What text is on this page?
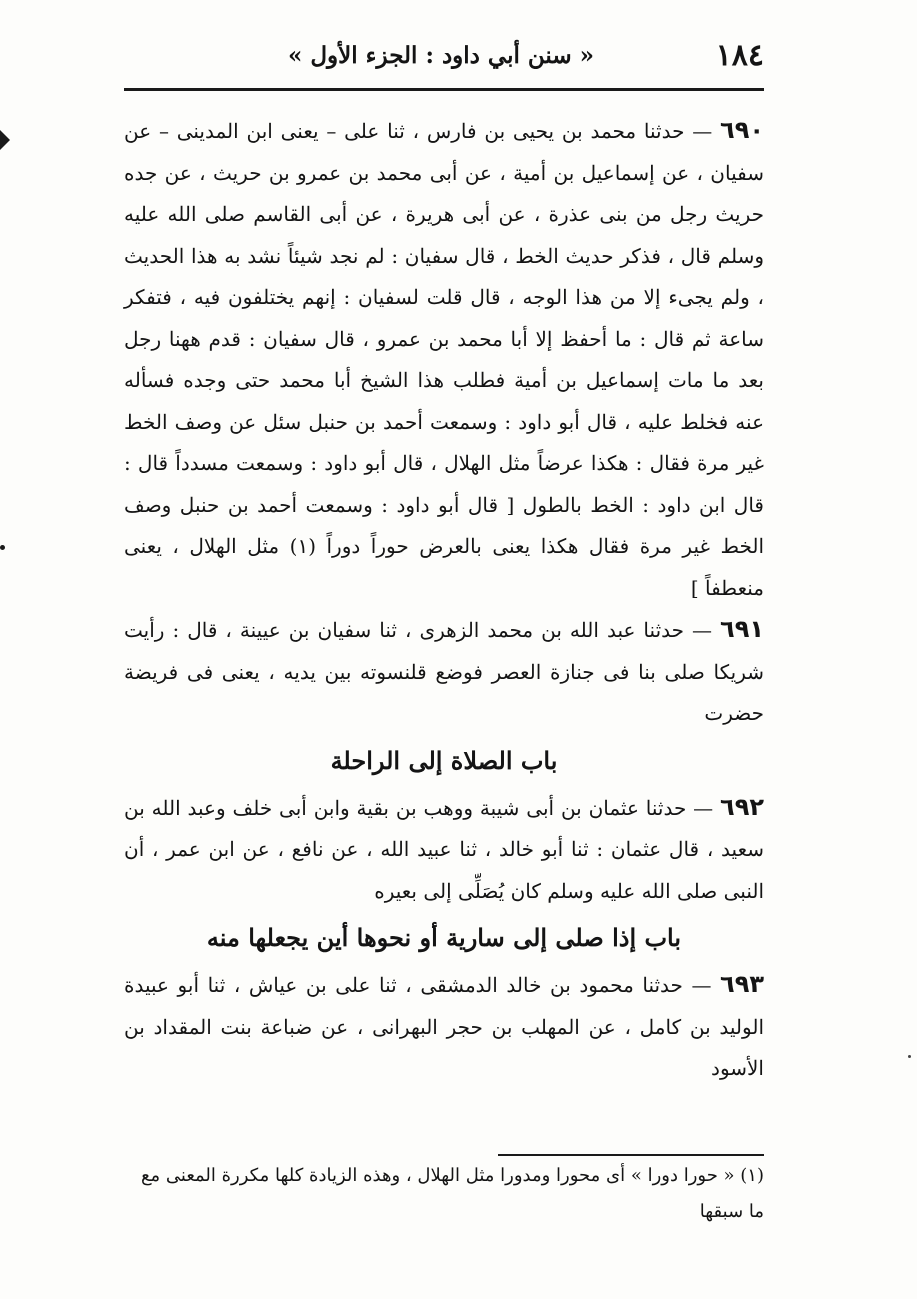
١٨٤
« سنن أبي داود : الجزء الأول »

٦٩٠ — حدثنا محمد بن يحيى بن فارس ، ثنا على – يعنى ابن المدينى – عن سفيان ، عن إسماعيل بن أمية ، عن أبى محمد بن عمرو بن حريث ، عن جده حريث رجل من بنى عذرة ، عن أبى هريرة ، عن أبى القاسم صلى الله عليه وسلم قال ، فذكر حديث الخط ، قال سفيان : لم نجد شيئاً نشد به هذا الحديث ، ولم يجىء إلا من هذا الوجه ، قال قلت لسفيان : إنهم يختلفون فيه ، فتفكر ساعة ثم قال : ما أحفظ إلا أبا محمد بن عمرو ، قال سفيان : قدم ههنا رجل بعد ما مات إسماعيل بن أمية فطلب هذا الشيخ أبا محمد حتى وجده فسأله عنه فخلط عليه ، قال أبو داود : وسمعت أحمد بن حنبل سئل عن وصف الخط غير مرة فقال : هكذا عرضاً مثل الهلال ، قال أبو داود : وسمعت مسدداً قال : قال ابن داود : الخط بالطول [ قال أبو داود : وسمعت أحمد بن حنبل وصف الخط غير مرة فقال هكذا يعنى بالعرض حوراً دوراً (١) مثل الهلال ، يعنى منعطفاً ]

٦٩١ — حدثنا عبد الله بن محمد الزهرى ، ثنا سفيان بن عيينة ، قال : رأيت شريكا صلى بنا فى جنازة العصر فوضع قلنسوته بين يديه ، يعنى فى فريضة حضرت

باب الصلاة إلى الراحلة

٦٩٢ — حدثنا عثمان بن أبى شيبة ووهب بن بقية وابن أبى خلف وعبد الله بن سعيد ، قال عثمان : ثنا أبو خالد ، ثنا عبيد الله ، عن نافع ، عن ابن عمر ، أن النبى صلى الله عليه وسلم كان يُصَلِّى إلى بعيره

باب إذا صلى إلى سارية أو نحوها أين يجعلها منه

٦٩٣ — حدثنا محمود بن خالد الدمشقى ، ثنا على بن عياش ، ثنا أبو عبيدة الوليد بن كامل ، عن المهلب بن حجر البهرانى ، عن ضباعة بنت المقداد بن الأسود

(١) « حورا دورا » أى محورا ومدورا مثل الهلال ، وهذه الزيادة كلها مكررة المعنى مع ما سبقها
